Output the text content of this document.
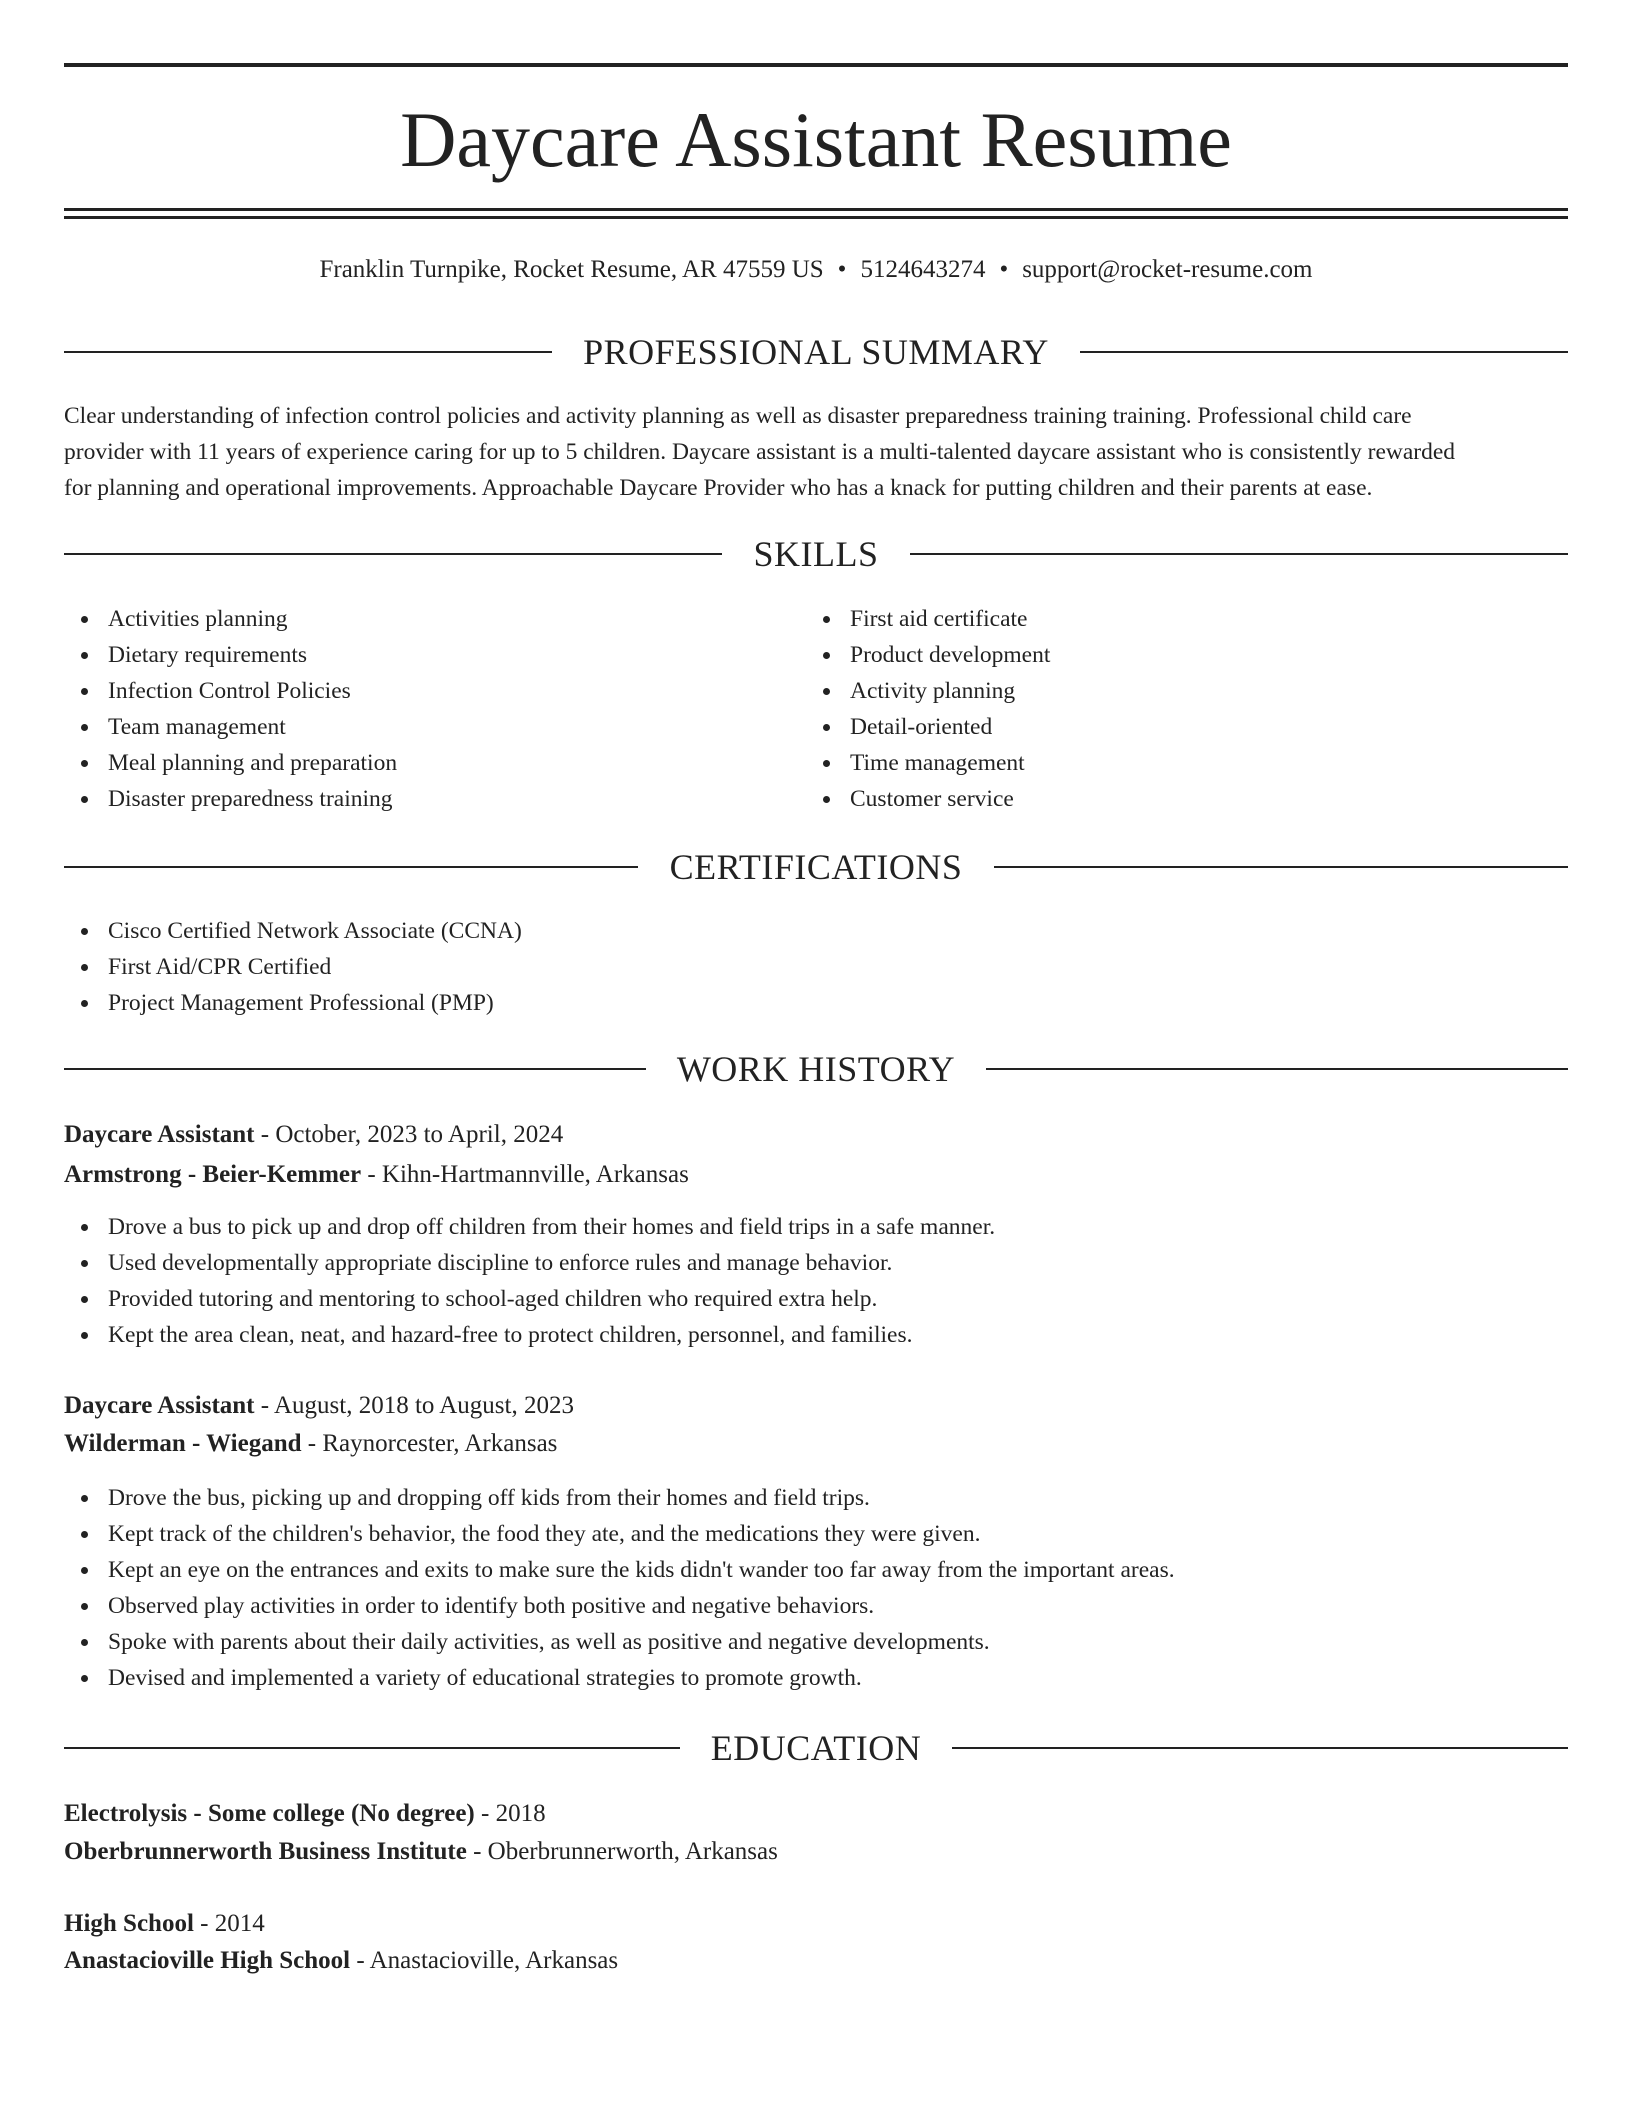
Daycare Assistant Resume
Franklin Turnpike, Rocket Resume, AR 47559 US • 5124643274 • support@rocket-resume.com
PROFESSIONAL SUMMARY
Clear understanding of infection control policies and activity planning as well as disaster preparedness training training. Professional child care
provider with 11 years of experience caring for up to 5 children. Daycare assistant is a multi-talented daycare assistant who is consistently rewarded
for planning and operational improvements. Approachable Daycare Provider who has a knack for putting children and their parents at ease.
SKILLS
Activities planning
Dietary requirements
Infection Control Policies
Team management
Meal planning and preparation
Disaster preparedness training
First aid certificate
Product development
Activity planning
Detail-oriented
Time management
Customer service
CERTIFICATIONS
Cisco Certified Network Associate (CCNA)
First Aid/CPR Certified
Project Management Professional (PMP)
WORK HISTORY
Daycare Assistant - October, 2023 to April, 2024
Armstrong - Beier-Kemmer - Kihn-Hartmannville, Arkansas
Drove a bus to pick up and drop off children from their homes and field trips in a safe manner.
Used developmentally appropriate discipline to enforce rules and manage behavior.
Provided tutoring and mentoring to school-aged children who required extra help.
Kept the area clean, neat, and hazard-free to protect children, personnel, and families.
Daycare Assistant - August, 2018 to August, 2023
Wilderman - Wiegand - Raynorcester, Arkansas
Drove the bus, picking up and dropping off kids from their homes and field trips.
Kept track of the children's behavior, the food they ate, and the medications they were given.
Kept an eye on the entrances and exits to make sure the kids didn't wander too far away from the important areas.
Observed play activities in order to identify both positive and negative behaviors.
Spoke with parents about their daily activities, as well as positive and negative developments.
Devised and implemented a variety of educational strategies to promote growth.
EDUCATION
Electrolysis - Some college (No degree) - 2018
Oberbrunnerworth Business Institute - Oberbrunnerworth, Arkansas
High School - 2014
Anastacioville High School - Anastacioville, Arkansas
